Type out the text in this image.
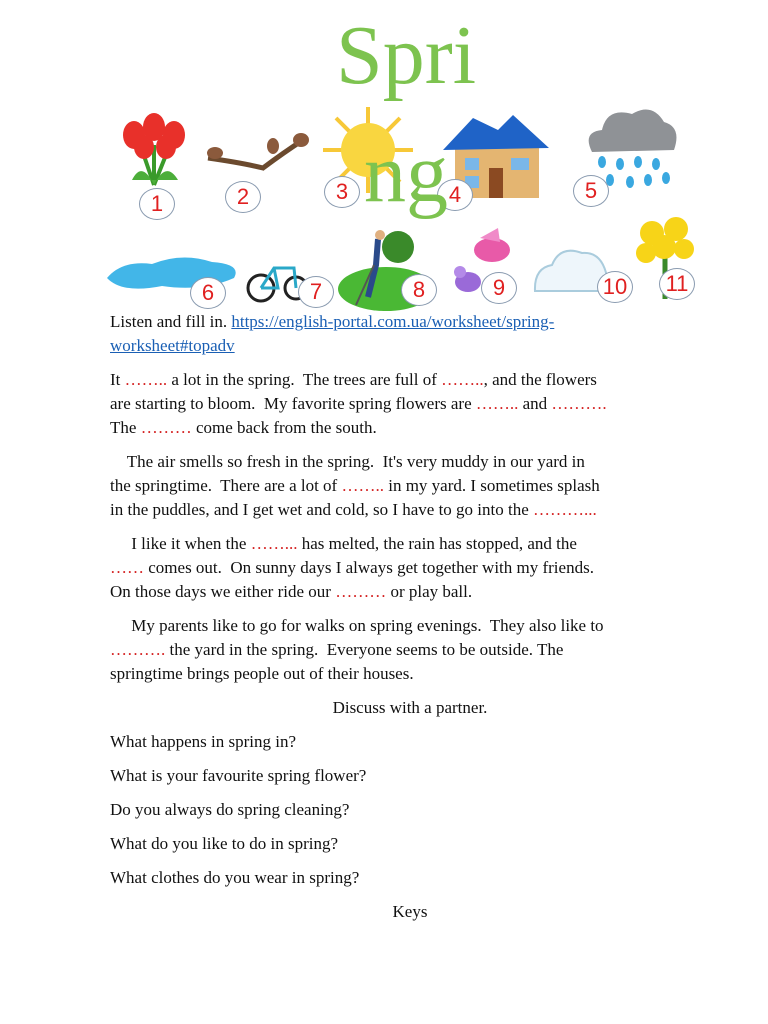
Spri
ng
1	2	3	4	5
6	7	8	9	10 11
Listen and fill in. https://english-portal.com.ua/worksheet/spring-
worksheet#topadv
It …….. a lot in the spring.  The trees are full of …….., and the flowers
are starting to bloom.  My favorite spring flowers are …….. and ……….
The ……… come back from the south.
The air smells so fresh in the spring.  It's very muddy in our yard in
the springtime.  There are a lot of …….. in my yard. I sometimes splash
in the puddles, and I get wet and cold, so I have to go into the ………...
I like it when the ……... has melted, the rain has stopped, and the
…… comes out.  On sunny days I always get together with my friends.
On those days we either ride our ……… or play ball.
My parents like to go for walks on spring evenings.  They also like to
………. the yard in the spring.  Everyone seems to be outside. The
springtime brings people out of their houses.
Discuss with a partner.
What happens in spring in?
What is your favourite spring flower?
Do you always do spring cleaning?
What do you like to do in spring?
What clothes do you wear in spring?
Keys
